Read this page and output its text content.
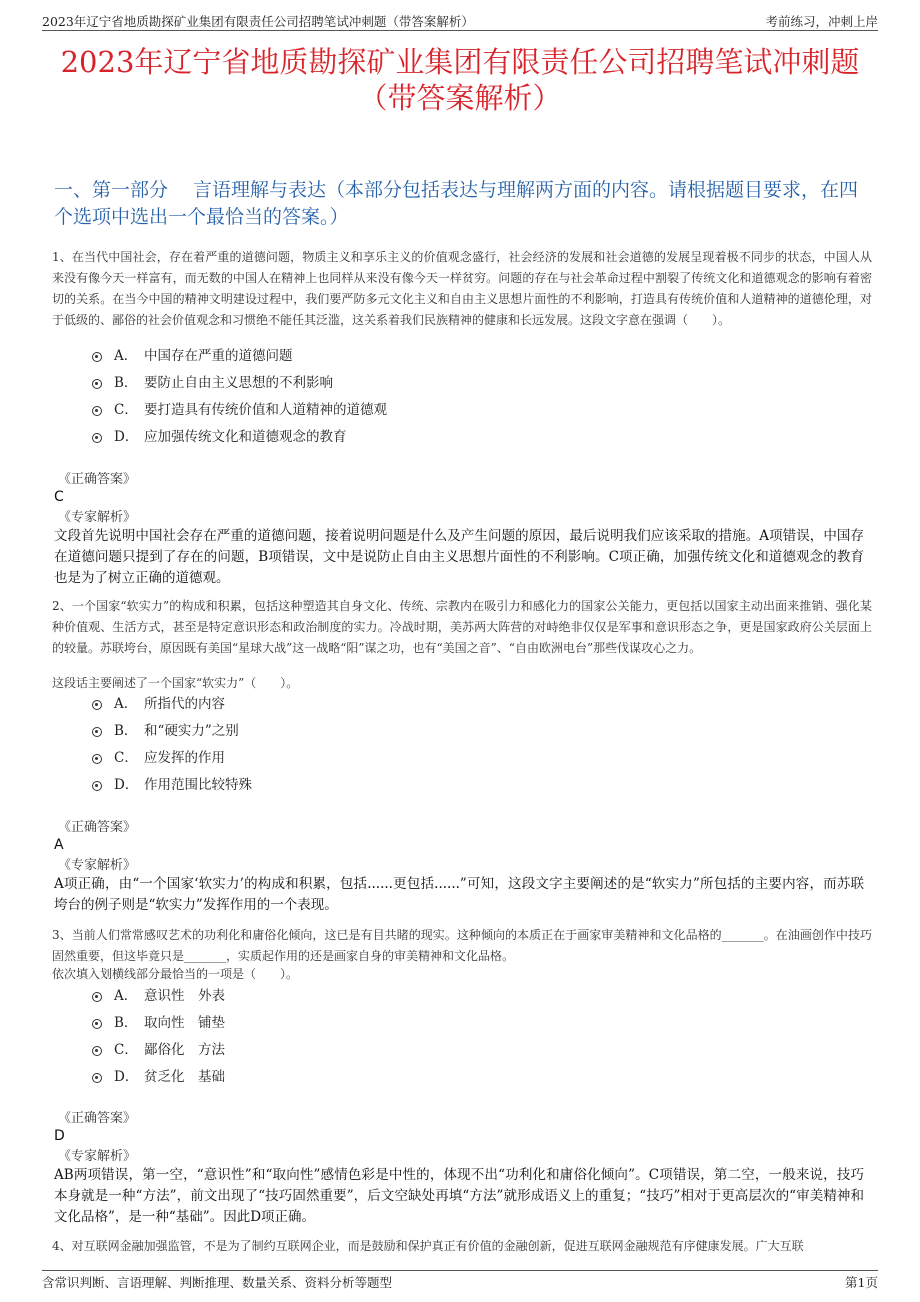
2023年辽宁省地质勘探矿业集团有限责任公司招聘笔试冲刺题（带答案解析）	考前练习，冲刺上岸
2023年辽宁省地质勘探矿业集团有限责任公司招聘笔试冲刺题
（带答案解析）
一、第一部分　 言语理解与表达（本部分包括表达与理解两方面的内容。请根据题目要求，在四个选项中选出一个最恰当的答案。）

1、在当代中国社会，存在着严重的道德问题，物质主义和享乐主义的价值观念盛行，社会经济的发展和社会道德的发展呈现着极不同步的状态，中国人从来没有像今天一样富有，而无数的中国人在精神上也同样从来没有像今天一样贫穷。问题的存在与社会革命过程中割裂了传统文化和道德观念的影响有着密切的关系。在当今中国的精神文明建设过程中，我们要严防多元文化主义和自由主义思想片面性的不利影响，打造具有传统价值和人道精神的道德伦理，对于低级的、鄙俗的社会价值观念和习惯绝不能任其泛滥，这关系着我们民族精神的健康和长远发展。这段文字意在强调（　　）。

A． 中国存在严重的道德问题
B． 要防止自由主义思想的不利影响
C． 要打造具有传统价值和人道精神的道德观
D． 应加强传统文化和道德观念的教育
《正确答案》
C
《专家解析》

文段首先说明中国社会存在严重的道德问题，接着说明问题是什么及产生问题的原因，最后说明我们应该采取的措施。A项错误，中国存在道德问题只提到了存在的问题，B项错误，文中是说防止自由主义思想片面性的不利影响。C项正确，加强传统文化和道德观念的教育也是为了树立正确的道德观。

2、一个国家“软实力”的构成和积累，包括这种塑造其自身文化、传统、宗教内在吸引力和感化力的国家公关能力，更包括以国家主动出面来推销、强化某种价值观、生活方式，甚至是特定意识形态和政治制度的实力。冷战时期，美苏两大阵营的对峙绝非仅仅是军事和意识形态之争，更是国家政府公关层面上的较量。苏联垮台，原因既有美国“星球大战”这一战略“阳”谋之功，也有“美国之音”、“自由欧洲电台”那些伐谋攻心之力。

这段话主要阐述了一个国家“软实力”（　　）。

A． 所指代的内容
B． 和“硬实力”之别
C． 应发挥的作用
D． 作用范围比较特殊
《正确答案》
A
《专家解析》

A项正确，由“一个国家‘软实力’的构成和积累，包括......更包括......”可知，这段文字主要阐述的是“软实力”所包括的主要内容，而苏联垮台的例子则是“软实力”发挥作用的一个表现。

3、当前人们常常感叹艺术的功利化和庸俗化倾向，这已是有目共睹的现实。这种倾向的本质正在于画家审美精神和文化品格的_______。在油画创作中技巧固然重要，但这毕竟只是_______，实质起作用的还是画家自身的审美精神和文化品格。

依次填入划横线部分最恰当的一项是（　　）。

A． 意识性　外表
B． 取向性　铺垫
C． 鄙俗化　方法
D． 贫乏化　基础
《正确答案》
D
《专家解析》

AB两项错误，第一空，“意识性”和“取向性”感情色彩是中性的，体现不出“功利化和庸俗化倾向”。C项错误，第二空，一般来说，技巧本身就是一种“方法”，前文出现了“技巧固然重要”，后文空缺处再填“方法”就形成语义上的重复；“技巧”相对于更高层次的“审美精神和文化品格”，是一种“基础”。因此D项正确。

4、对互联网金融加强监管，不是为了制约互联网企业，而是鼓励和保护真正有价值的金融创新，促进互联网金融规范有序健康发展。广大互联

含常识判断、言语理解、判断推理、数量关系、资料分析等题型	第1页
